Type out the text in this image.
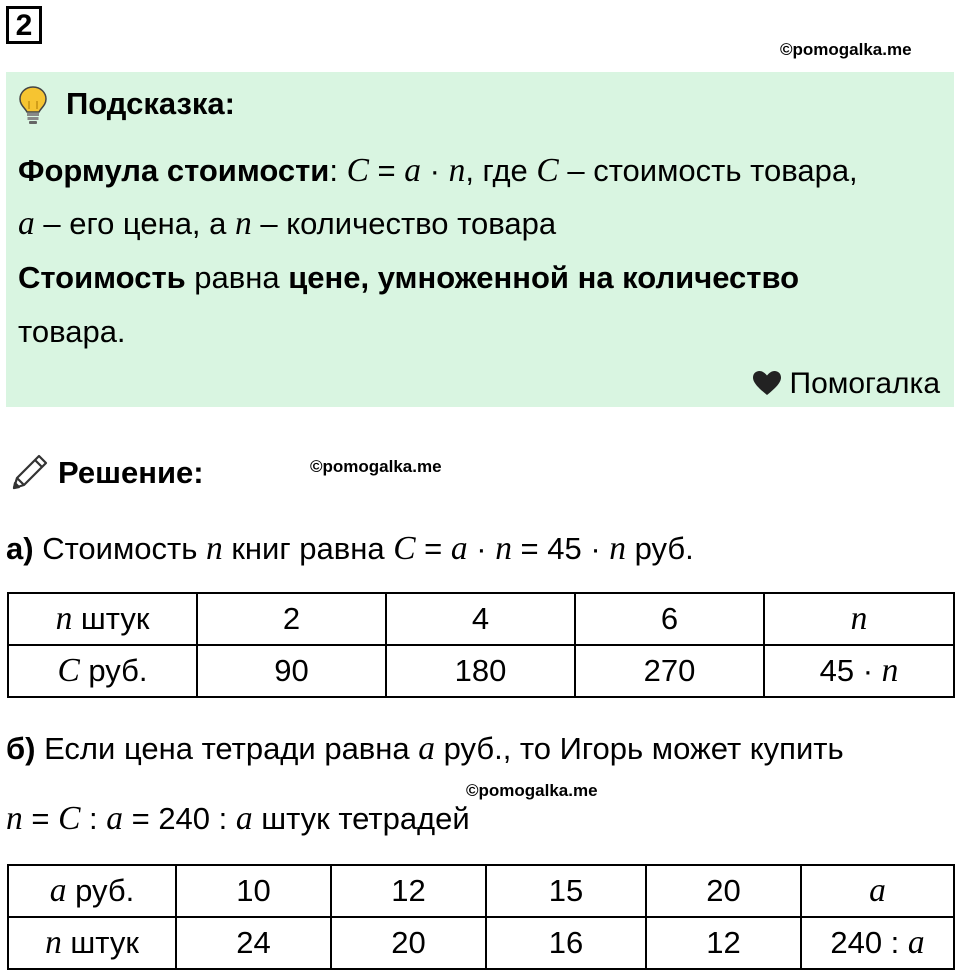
2
©pomogalka.me
Подсказка:
Формула стоимости: C = a · n, где C – стоимость товара,
a – его цена, а n – количество товара
Стоимость равна цене, умноженной на количество
товара.
Помогалка
Решение:	©pomogalka.me
а) Стоимость n книг равна C = a · n = 45 · n руб.
n штук	2	4	6	n
C руб.	90	180	270	45 · n
б) Если цена тетради равна a руб., то Игорь может купить
©pomogalka.me
n = C : a = 240 : a штук тетрадей
a руб.	10	12	15	20	a
n штук	24	20	16	12	240 : a
